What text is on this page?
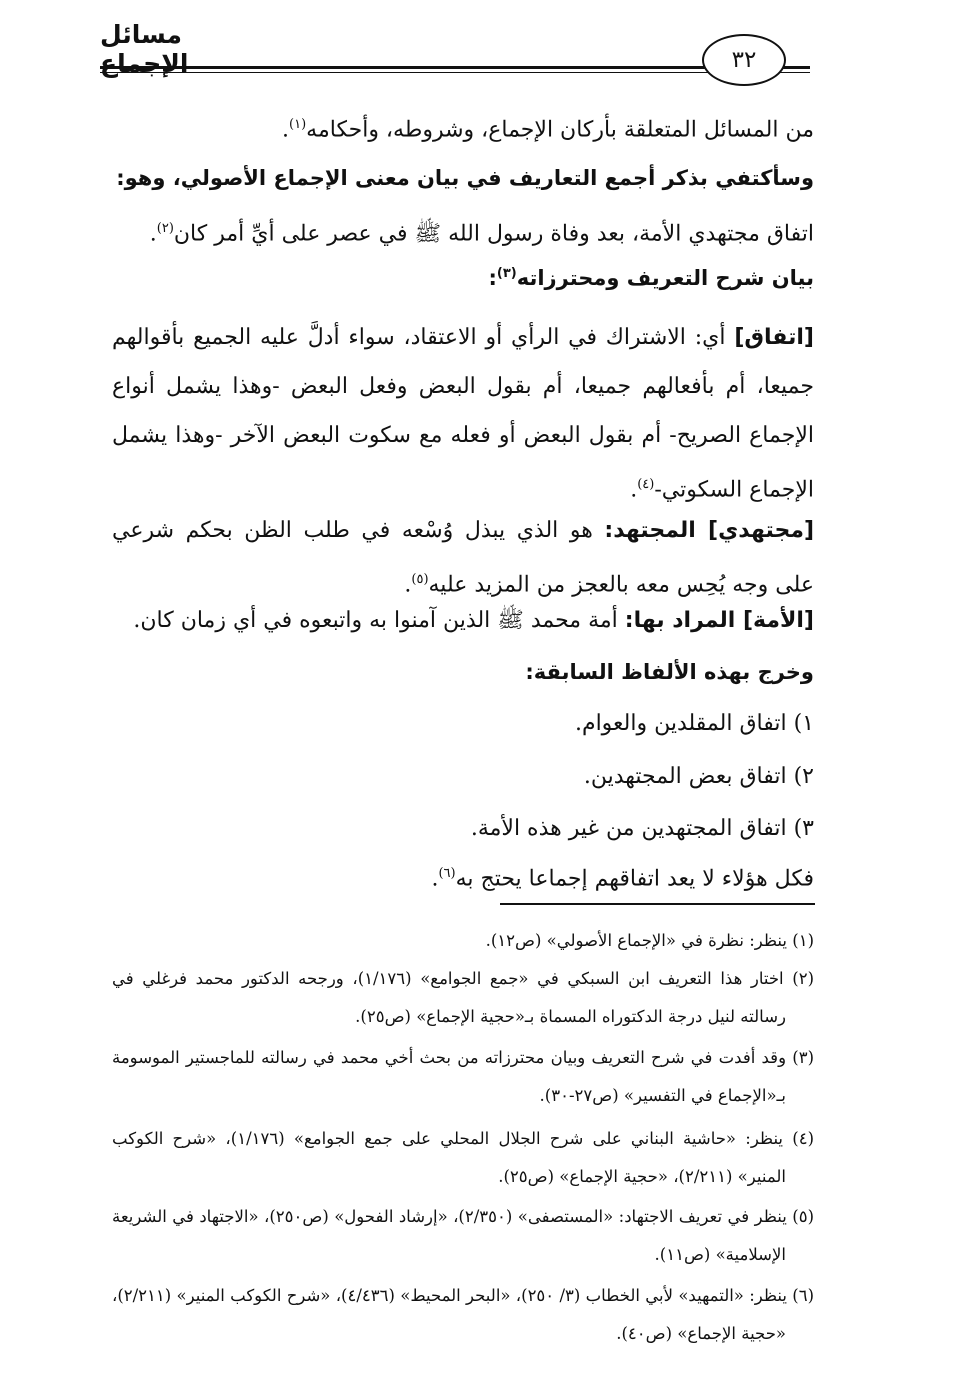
مسائل الإجماع	٣٢

من المسائل المتعلقة بأركان الإجماع، وشروطه، وأحكامه$^{(١)}$.

وسأكتفي بذكر أجمع التعاريف في بيان معنى الإجماع الأصولي، وهو:

اتفاق مجتهدي الأمة، بعد وفاة رسول الله ﷺ في عصر على أيِّ أمر كان$^{(٢)}$.

بيان شرح التعريف ومحترزاته$^{(٣)}$:

[اتفاق] أي: الاشتراك في الرأي أو الاعتقاد، سواء أدلَّ عليه الجميع بأقوالهم جميعا، أم بأفعالهم جميعا، أم بقول البعض وفعل البعض -وهذا يشمل أنواع الإجماع الصريح- أم بقول البعض أو فعله مع سكوت البعض الآخر -وهذا يشمل الإجماع السكوتي-$^{(٤)}$.

[مجتهدي] المجتهد: هو الذي يبذل وُسْعه في طلب الظن بحكم شرعي على وجه يُحِس معه بالعجز من المزيد عليه$^{(٥)}$.

[الأمة] المراد بها: أمة محمد ﷺ الذين آمنوا به واتبعوه في أي زمان كان.

وخرج بهذه الألفاظ السابقة:

١) اتفاق المقلدين والعوام.

٢) اتفاق بعض المجتهدين.

٣) اتفاق المجتهدين من غير هذه الأمة.

فكل هؤلاء لا يعد اتفاقهم إجماعا يحتج به$^{(٦)}$.

(١) ينظر: نظرة في «الإجماع الأصولي» (ص١٢).

(٢) اختار هذا التعريف ابن السبكي في «جمع الجوامع» (١/١٧٦)، ورجحه الدكتور محمد فرغلي في رسالته لنيل درجة الدكتوراه المسماة بـ«حجية الإجماع» (ص٢٥).

(٣) وقد أفدت في شرح التعريف وبيان محترزاته من بحث أخي محمد في رسالته للماجستير الموسومة بـ«الإجماع في التفسير» (ص٢٧-٣٠).

(٤) ينظر: «حاشية البناني على شرح الجلال المحلي على جمع الجوامع» (١/١٧٦)، «شرح الكوكب المنير» (٢/٢١١)، «حجية الإجماع» (ص٢٥).

(٥) ينظر في تعريف الاجتهاد: «المستصفى» (٢/٣٥٠)، «إرشاد الفحول» (ص٢٥٠)، «الاجتهاد في الشريعة الإسلامية» (ص١١).

(٦) ينظر: «التمهيد» لأبي الخطاب (٣/ ٢٥٠)، «البحر المحيط» (٤/٤٣٦)، «شرح الكوكب المنير» (٢/٢١١)، «حجية الإجماع» (ص٤٠).
